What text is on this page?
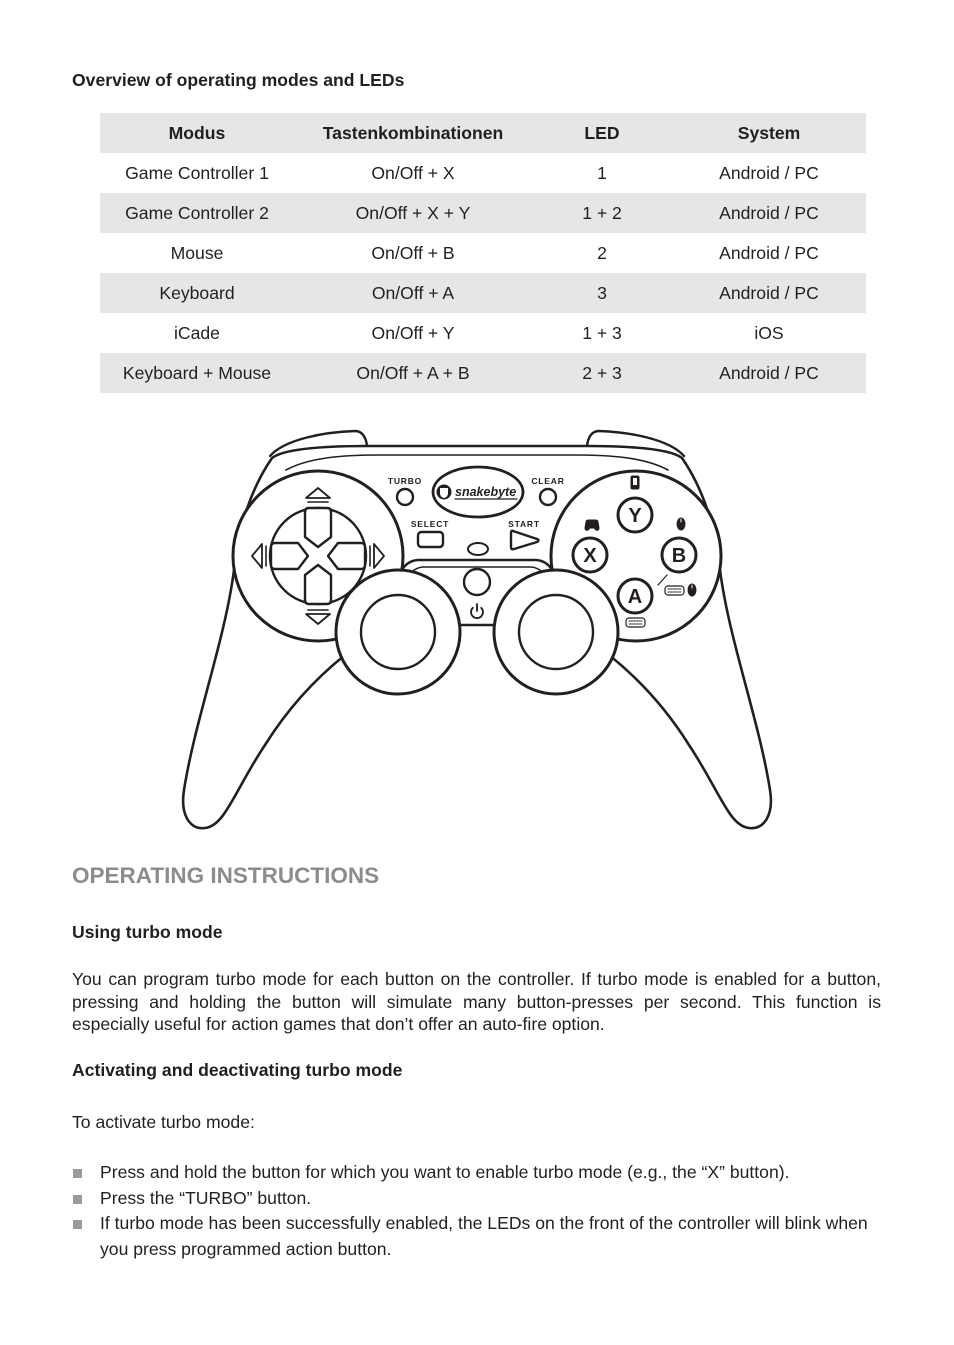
Overview of operating modes and LEDs
Modus	Tastenkombinationen	LED	System
Game Controller 1	On/Off + X	1	Android / PC
Game Controller 2	On/Off + X + Y	1 + 2	Android / PC
Mouse	On/Off + B	2	Android / PC
Keyboard	On/Off + A	3	Android / PC
iCade	On/Off + Y	1 + 3	iOS
Keyboard + Mouse	On/Off + A + B	2 + 3	Android / PC
snakebyte
TURBO	CLEAR
SELECT	START	Y
X	B
A
OPERATING INSTRUCTIONS
Using turbo mode

You can program turbo mode for each button on the controller. If turbo mode is enabled for a button, pressing and holding the button will simulate many button-presses per second. This function is especially useful for action games that don’t offer an auto-fire option.

Activating and deactivating turbo mode

To activate turbo mode:

Press and hold the button for which you want to enable turbo mode (e.g., the “X” button).
Press the “TURBO” button.
If turbo mode has been successfully enabled, the LEDs on the front of the controller will blink when you press programmed action button.
